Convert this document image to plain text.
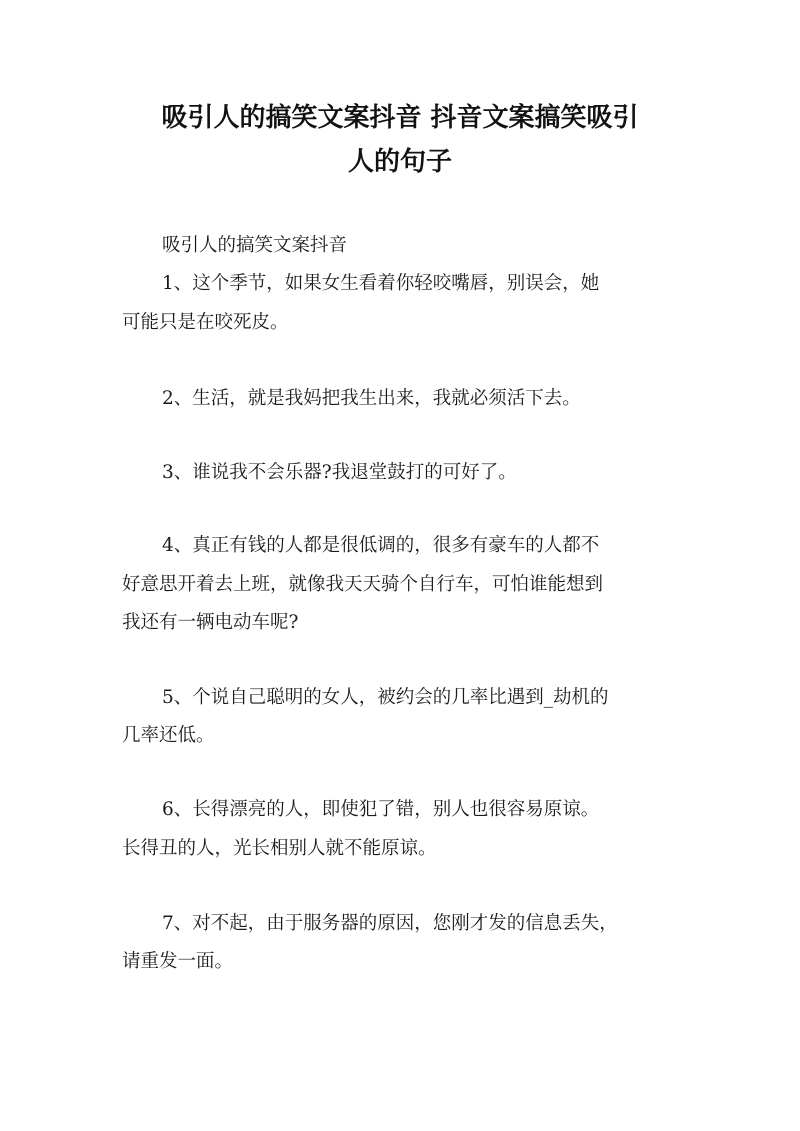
吸引人的搞笑文案抖音 抖音文案搞笑吸引
人的句子
吸引人的搞笑文案抖音
1、这个季节，如果女生看着你轻咬嘴唇，别误会，她
可能只是在咬死皮。
2、生活，就是我妈把我生出来，我就必须活下去。
3、谁说我不会乐器?我退堂鼓打的可好了。
4、真正有钱的人都是很低调的，很多有豪车的人都不
好意思开着去上班，就像我天天骑个自行车，可怕谁能想到
我还有一辆电动车呢?
5、个说自己聪明的女人，被约会的几率比遇到_劫机的
几率还低。
6、长得漂亮的人，即使犯了错，别人也很容易原谅。
长得丑的人，光长相别人就不能原谅。
7、对不起，由于服务器的原因，您刚才发的信息丢失，
请重发一面。
